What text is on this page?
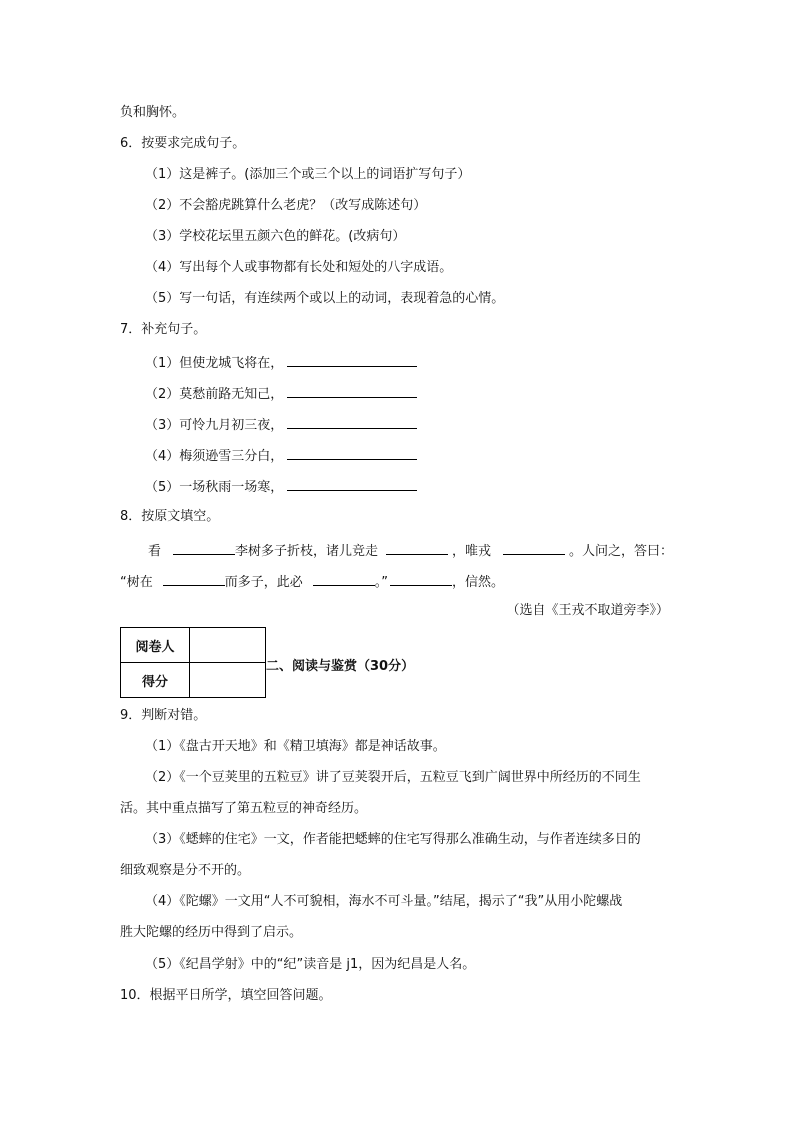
负和胸怀。
6．按要求完成句子。
（1）这是裤子。(添加三个或三个以上的词语扩写句子）
（2）不会豁虎跳算什么老虎？（改写成陈述句）
（3）学校花坛里五颜六色的鲜花。(改病句）
（4）写出每个人或事物都有长处和短处的八字成语。
（5）写一句话，有连续两个或以上的动词，表现着急的心情。
7．补充句子。
（1）但使龙城飞将在，
（2）莫愁前路无知己，
（3）可怜九月初三夜，
（4）梅须逊雪三分白，
（5）一场秋雨一场寒，
8．按原文填空。
看	李树多子折枝，诸儿竞走	，唯戎	。人问之，答曰：
“树在	而多子，此必	。”	，信然。
（选自《王戎不取道旁李》）
阅卷人	
得分	
二、阅读与鉴赏（30分）
9．判断对错。
（1）《盘古开天地》和《精卫填海》都是神话故事。
（2）《一个豆荚里的五粒豆》讲了豆荚裂开后，五粒豆飞到广阔世界中所经历的不同生
活。其中重点描写了第五粒豆的神奇经历。
（3）《蟋蟀的住宅》一文，作者能把蟋蟀的住宅写得那么准确生动，与作者连续多日的
细致观察是分不开的。
（4）《陀螺》一文用“人不可貌相，海水不可斗量。”结尾，揭示了“我”从用小陀螺战
胜大陀螺的经历中得到了启示。
（5）《纪昌学射》中的“纪”读音是 j1，因为纪昌是人名。
10．根据平日所学，填空回答问题。
